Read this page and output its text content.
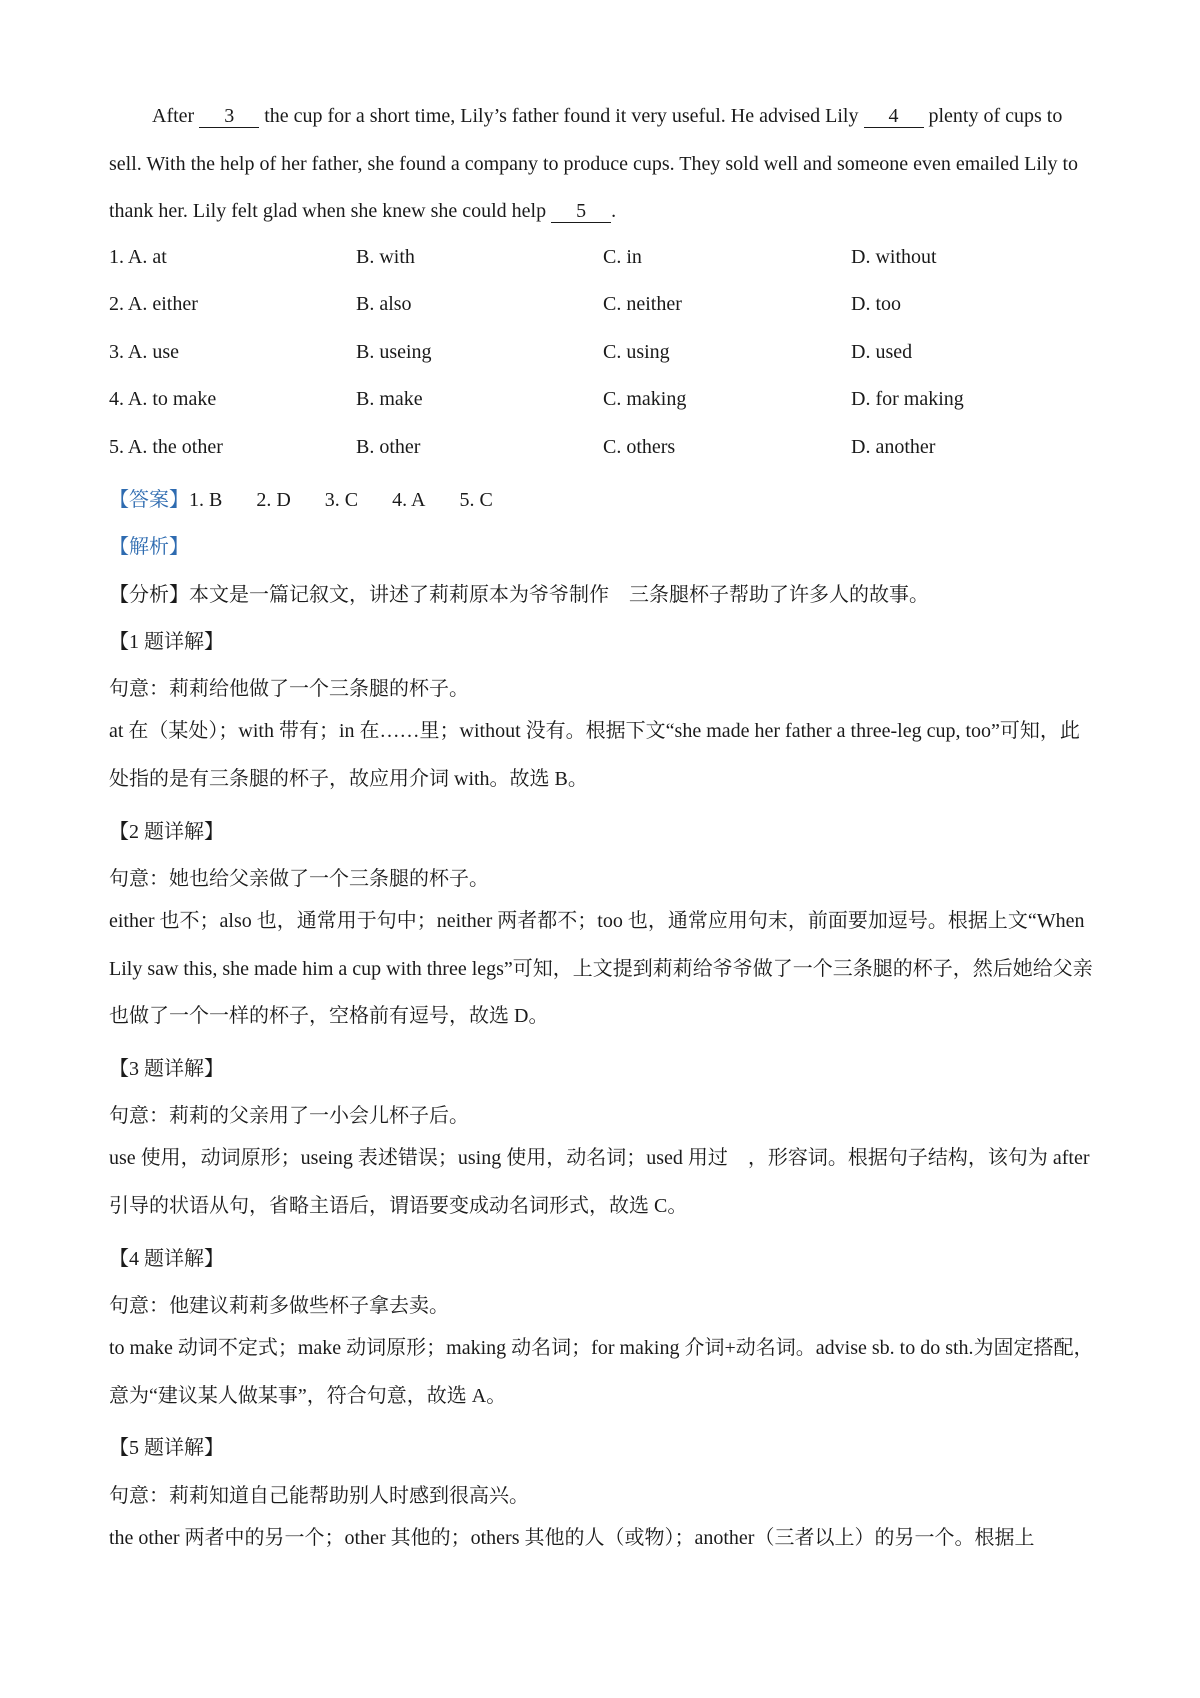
After 3 the cup for a short time, Lily’s father found it very useful. He advised Lily 4 plenty of cups to sell. With the help of her father, she found a company to produce cups. They sold well and someone even emailed Lily to thank her. Lily felt glad when she knew she could help 5 .
1. A. at	B. with	C. in	D. without
2. A. either	B. also	C. neither	D. too
3. A. use	B. useing	C. using	D. used
4. A. to make	B. make	C. making	D. for making
5. A. the other	B. other	C. others	D. another
【答案】1. B 2. D 3. C 4. A 5. C
【解析】
【分析】本文是一篇记叙文，讲述了莉莉原本为爷爷制作　三条腿杯子帮助了许多人的故事。
【1 题详解】
句意：莉莉给他做了一个三条腿的杯子。
at 在（某处）；with 带有；in 在……里；without 没有。根据下文“she made her father a three-leg cup, too”可知，此处指的是有三条腿的杯子，故应用介词 with。故选 B。
【2 题详解】
句意：她也给父亲做了一个三条腿的杯子。
either 也不；also 也，通常用于句中；neither 两者都不；too 也，通常应用句末，前面要加逗号。根据上文“When Lily saw this, she made him a cup with three legs”可知，上文提到莉莉给爷爷做了一个三条腿的杯子，然后她给父亲也做了一个一样的杯子，空格前有逗号，故选 D。
【3 题详解】
句意：莉莉的父亲用了一小会儿杯子后。
use 使用，动词原形；useing 表述错误；using 使用，动名词；used 用过　，形容词。根据句子结构，该句为 after 引导的状语从句，省略主语后，谓语要变成动名词形式，故选 C。
【4 题详解】
句意：他建议莉莉多做些杯子拿去卖。
to make 动词不定式；make 动词原形；making 动名词；for making 介词+动名词。advise sb. to do sth.为固定搭配，意为“建议某人做某事”，符合句意，故选 A。
【5 题详解】
句意：莉莉知道自己能帮助别人时感到很高兴。
the other 两者中的另一个；other 其他的；others 其他的人（或物）；another（三者以上）的另一个。根据上
